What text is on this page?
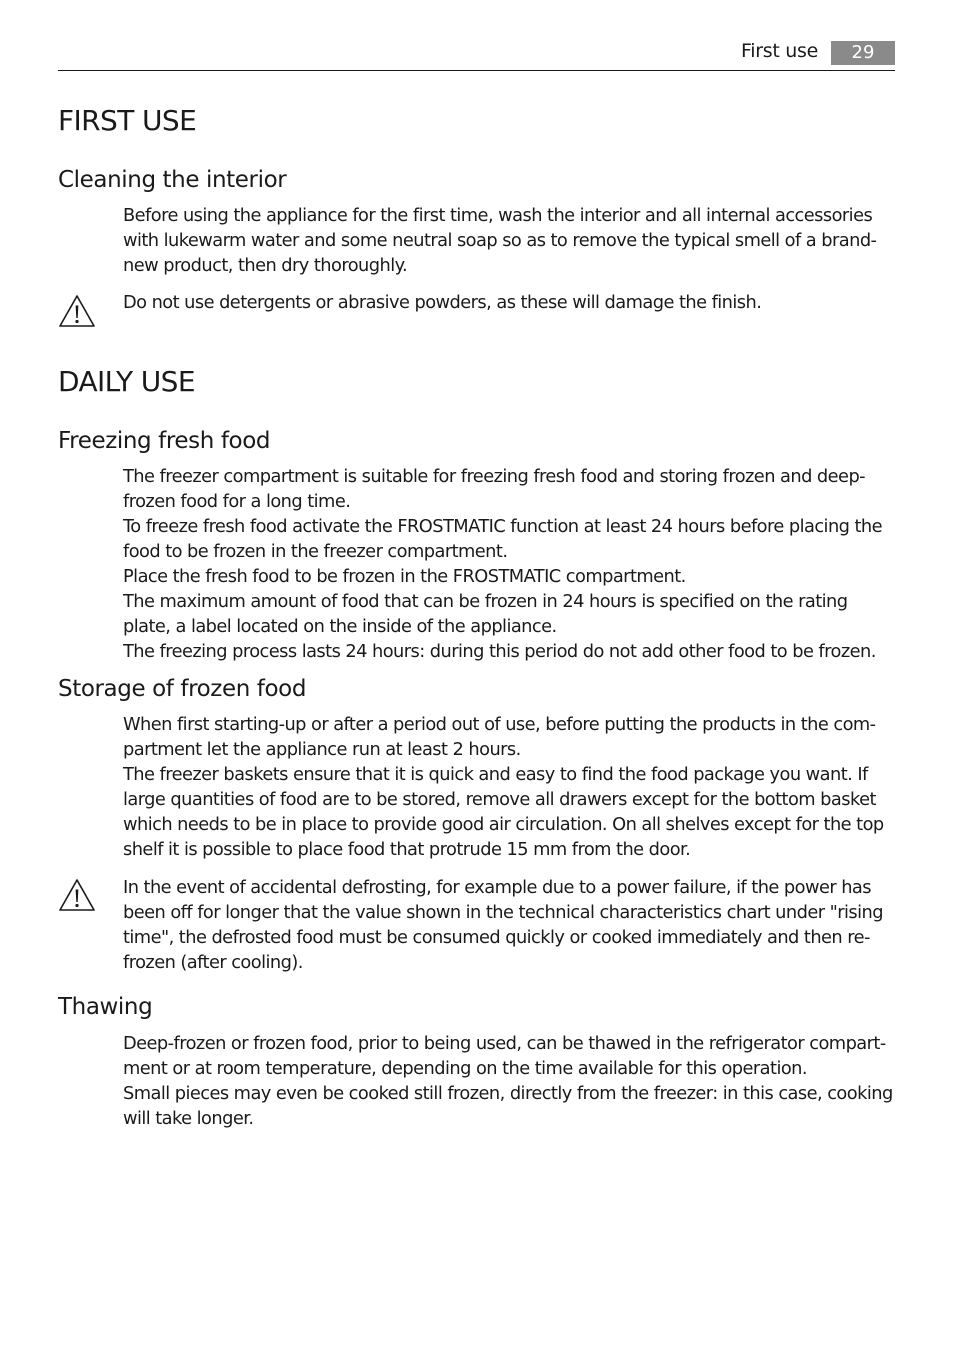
First use	29
FIRST USE
Cleaning the interior
Before using the appliance for the first time, wash the interior and all internal accessories
with lukewarm water and some neutral soap so as to remove the typical smell of a brand-
new product, then dry thoroughly.
Do not use detergents or abrasive powders, as these will damage the finish.
DAILY USE
Freezing fresh food
The freezer compartment is suitable for freezing fresh food and storing frozen and deep-
frozen food for a long time.
To freeze fresh food activate the FROSTMATIC function at least 24 hours before placing the
food to be frozen in the freezer compartment.
Place the fresh food to be frozen in the FROSTMATIC compartment.
The maximum amount of food that can be frozen in 24 hours is specified on the rating
plate, a label located on the inside of the appliance.
The freezing process lasts 24 hours: during this period do not add other food to be frozen.
Storage of frozen food
When first starting-up or after a period out of use, before putting the products in the com-
partment let the appliance run at least 2 hours.
The freezer baskets ensure that it is quick and easy to find the food package you want. If
large quantities of food are to be stored, remove all drawers except for the bottom basket
which needs to be in place to provide good air circulation. On all shelves except for the top
shelf it is possible to place food that protrude 15 mm from the door.
In the event of accidental defrosting, for example due to a power failure, if the power has
been off for longer that the value shown in the technical characteristics chart under "rising
time", the defrosted food must be consumed quickly or cooked immediately and then re-
frozen (after cooling).
Thawing
Deep-frozen or frozen food, prior to being used, can be thawed in the refrigerator compart-
ment or at room temperature, depending on the time available for this operation.
Small pieces may even be cooked still frozen, directly from the freezer: in this case, cooking
will take longer.
